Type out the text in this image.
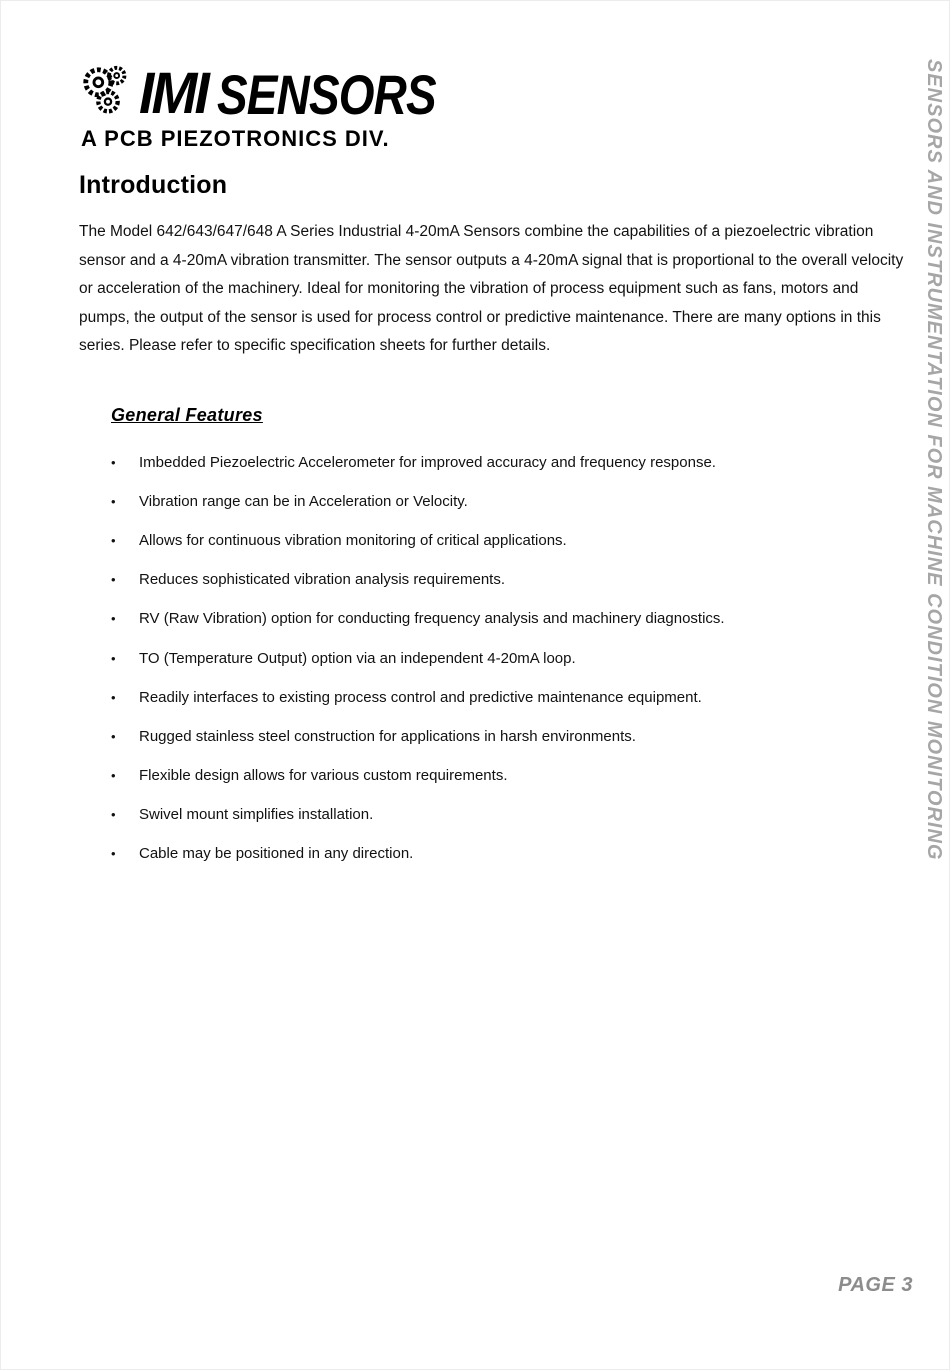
IMI SENSORS
A PCB PIEZOTRONICS DIV.	SENSORS AND INSTRUMENTATION FOR MACHINE CONDITION MONITORING
Introduction

The Model 642/643/647/648 A Series Industrial 4-20mA Sensors combine the capabilities of a piezoelectric vibration sensor and a 4-20mA vibration transmitter. The sensor outputs a 4-20mA signal that is proportional to the overall velocity or acceleration of the machinery. Ideal for monitoring the vibration of process equipment such as fans, motors and pumps, the output of the sensor is used for process control or predictive maintenance. There are many options in this series. Please refer to specific specification sheets for further details.

General Features
•	Imbedded Piezoelectric Accelerometer for improved accuracy and frequency response.
•	Vibration range can be in Acceleration or Velocity.
•	Allows for continuous vibration monitoring of critical applications.
•	Reduces sophisticated vibration analysis requirements.
•	RV (Raw Vibration) option for conducting frequency analysis and machinery diagnostics.
•	TO (Temperature Output) option via an independent 4-20mA loop.
•	Readily interfaces to existing process control and predictive maintenance equipment.
•	Rugged stainless steel construction for applications in harsh environments.
•	Flexible design allows for various custom requirements.
•	Swivel mount simplifies installation.
•	Cable may be positioned in any direction.
PAGE 3
